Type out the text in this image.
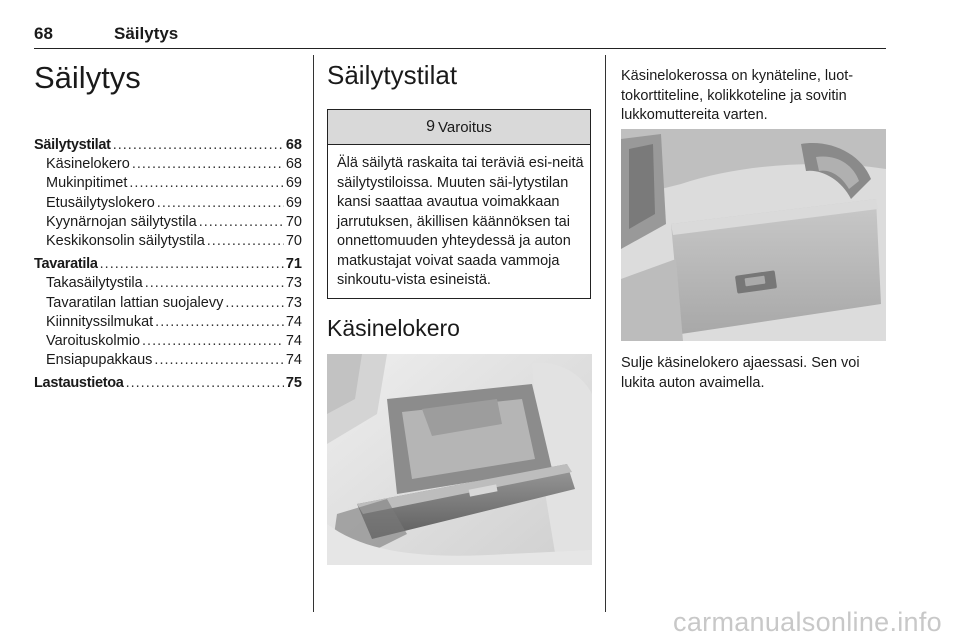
68	Säilytys
Säilytys
Säilytystilat .....	68
Käsinelokero .....	68
Mukinpitimet .....	69
Etusäilytyslokero .....	69
Kyynärnojan säilytystila .....	70
Keskikonsolin säilytystila .....	70
Tavaratila .....	71
Takasäilytystila .....	73
Tavaratilan lattian suojalevy .....	73
Kiinnityssilmukat .....	74
Varoituskolmio .....	74
Ensiapupakkaus .....	74
Lastaustietoa .....	75
Säilytystilat
9 Varoitus
Älä säilytä raskaita tai teräviä esi-neitä säilytystiloissa. Muuten säi-lytystilan kansi saattaa avautua voimakkaan jarrutuksen, äkillisen käännöksen tai onnettomuuden yhteydessä ja auton matkustajat voivat saada vammoja sinkoutu-vista esineistä.
Käsinelokero
Käsinelokerossa on kynäteline, luot-tokorttiteline, kolikkoteline ja sovitin lukkomuttereita varten.
Sulje käsinelokero ajaessasi. Sen voi lukita auton avaimella.
carmanualsonline.info
